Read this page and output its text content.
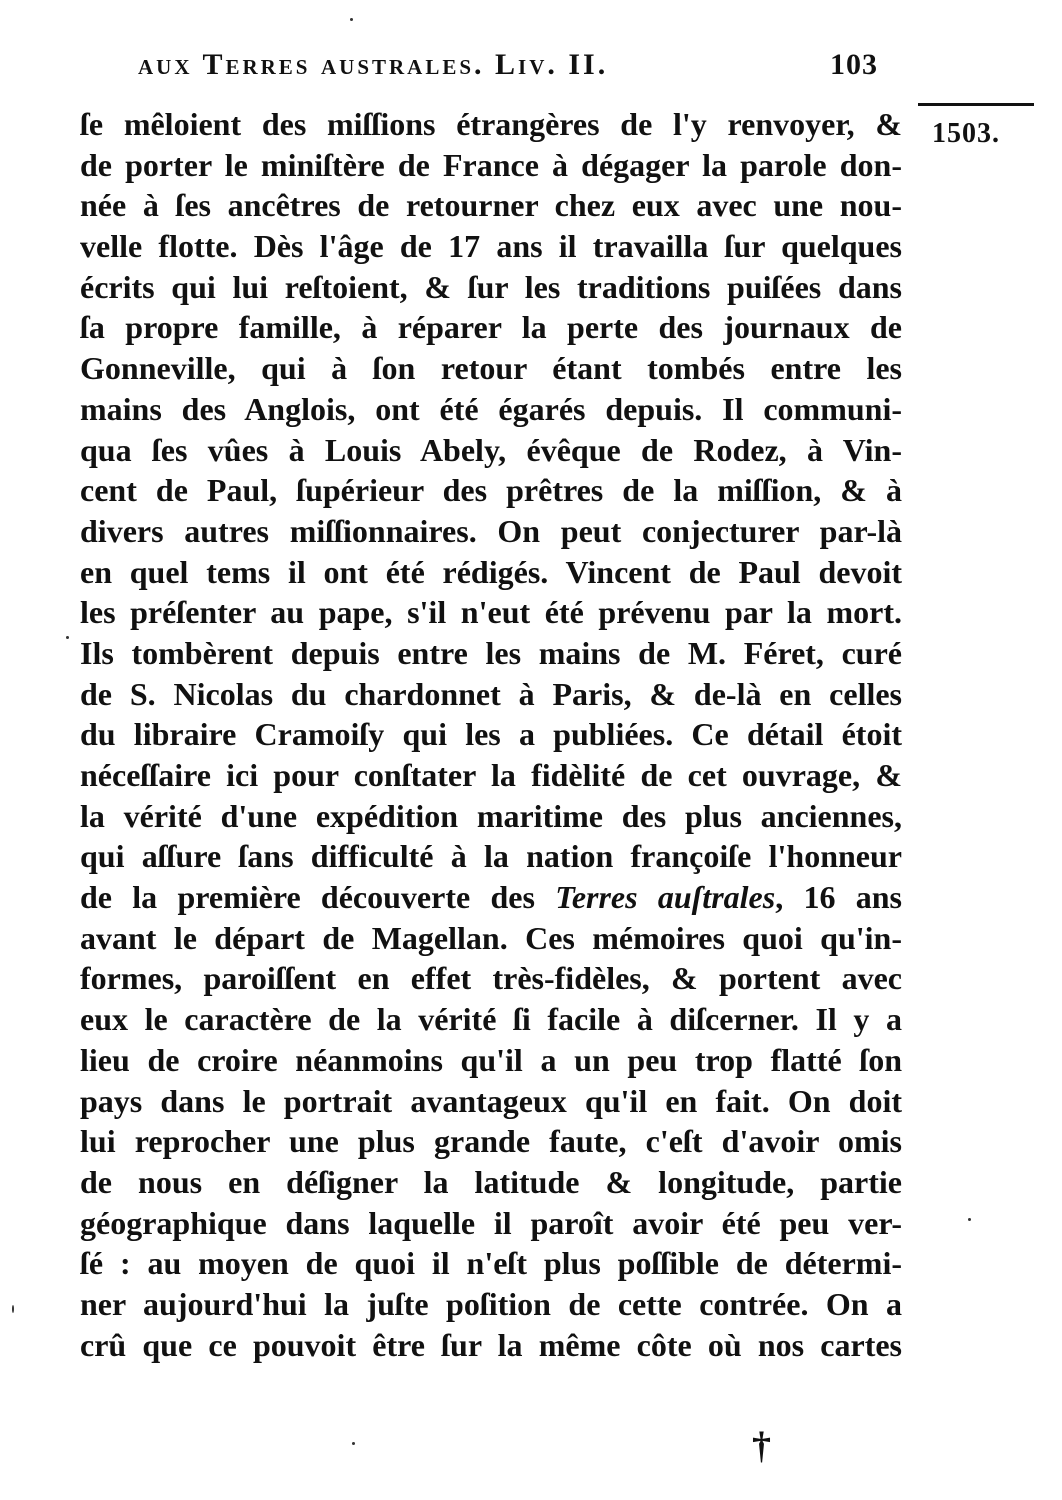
aux Terres australes. Liv. II.	103
1503.
ſe mêloient des miſſions étrangères de l'y renvoyer, &
de porter le miniſtère de France à dégager la parole don-
née à ſes ancêtres de retourner chez eux avec une nou-
velle flotte. Dès l'âge de 17 ans il travailla ſur quelques
écrits qui lui reſtoient, & ſur les traditions puiſées dans
ſa propre famille, à réparer la perte des journaux de
Gonneville, qui à ſon retour étant tombés entre les
mains des Anglois, ont été égarés depuis. Il communi-
qua ſes vûes à Louis Abely, évêque de Rodez, à Vin-
cent de Paul, ſupérieur des prêtres de la miſſion, & à
divers autres miſſionnaires. On peut conjecturer par-là
en quel tems il ont été rédigés. Vincent de Paul devoit
les préſenter au pape, s'il n'eut été prévenu par la mort.
Ils tombèrent depuis entre les mains de M. Féret, curé
de S. Nicolas du chardonnet à Paris, & de-là en celles
du libraire Cramoiſy qui les a publiées. Ce détail étoit
néceſſaire ici pour conſtater la fidèlité de cet ouvrage, &
la vérité d'une expédition maritime des plus anciennes,
qui aſſure ſans difficulté à la nation françoiſe l'honneur
de la première découverte des Terres auſtrales, 16 ans
avant le départ de Magellan. Ces mémoires quoi qu'in-
formes, paroiſſent en effet très-fidèles, & portent avec
eux le caractère de la vérité ſi facile à diſcerner. Il y a
lieu de croire néanmoins qu'il a un peu trop flatté ſon
pays dans le portrait avantageux qu'il en fait. On doit
lui reprocher une plus grande faute, c'eſt d'avoir omis
de nous en déſigner la latitude & longitude, partie
géographique dans laquelle il paroît avoir été peu ver-
ſé : au moyen de quoi il n'eſt plus poſſible de détermi-
ner aujourd'hui la juſte poſition de cette contrée. On a
crû que ce pouvoit être ſur la même côte où nos cartes
†
